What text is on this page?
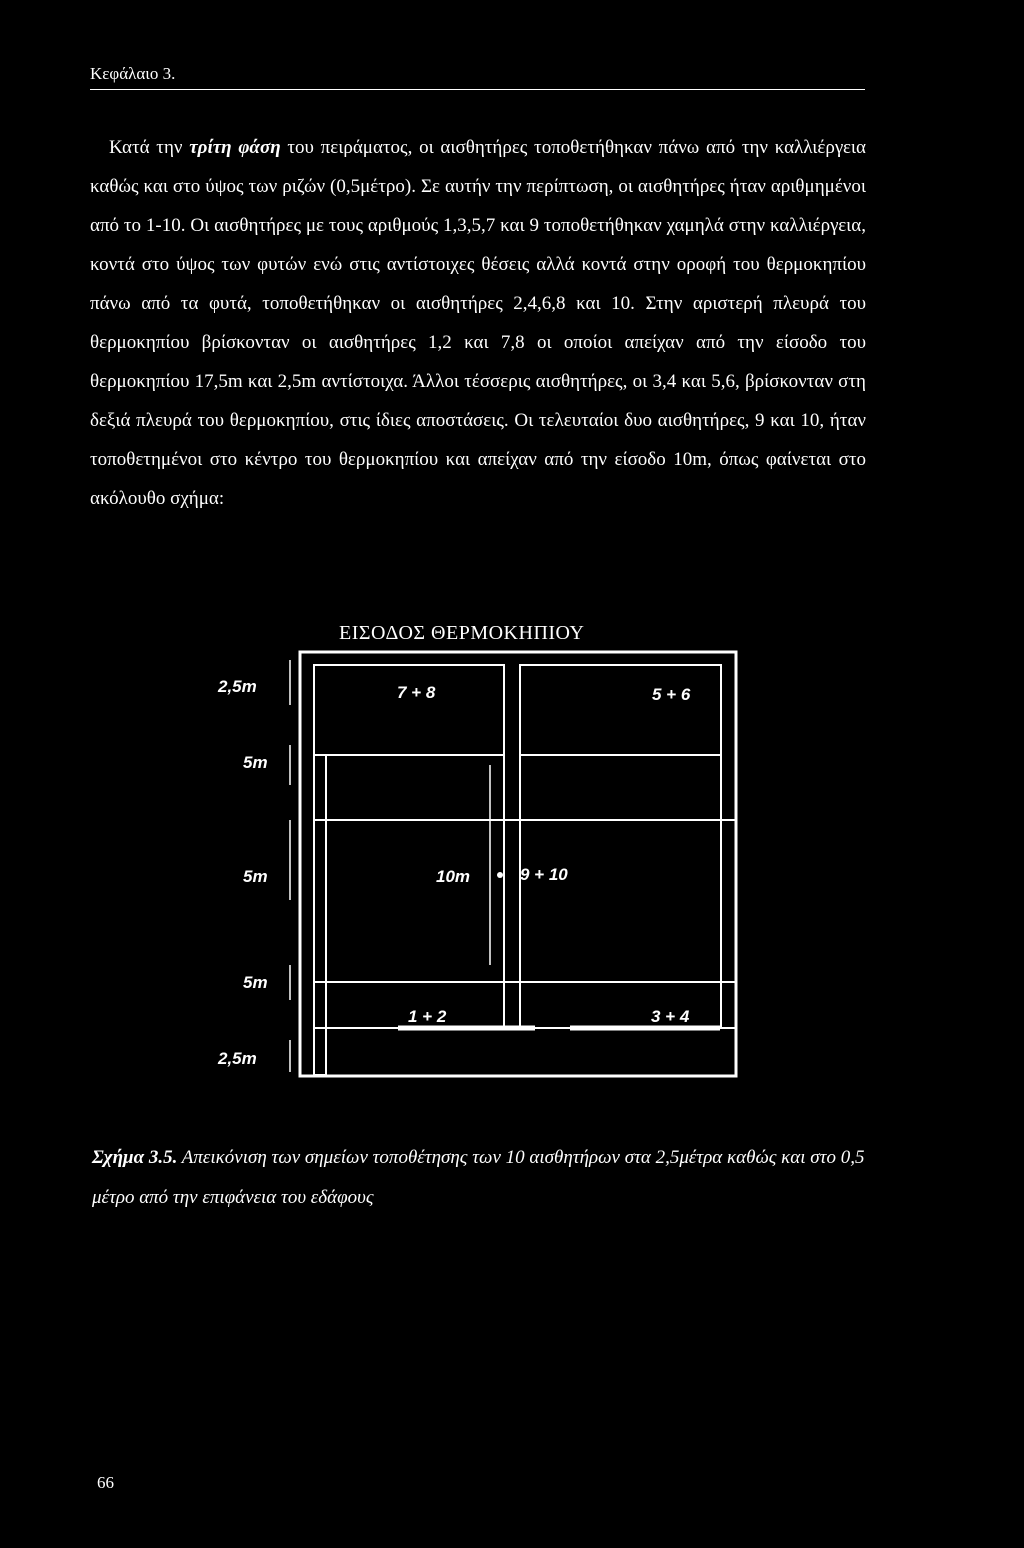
Κεφάλαιο 3.

Κατά την τρίτη φάση του πειράματος, οι αισθητήρες τοποθετήθηκαν πάνω από την καλλιέργεια καθώς και στο ύψος των ριζών (0,5μέτρο). Σε αυτήν την περίπτωση, οι αισθητήρες ήταν αριθμημένοι από το 1-10. Οι αισθητήρες με τους αριθμούς 1,3,5,7 και 9 τοποθετήθηκαν χαμηλά στην καλλιέργεια, κοντά στο ύψος των φυτών ενώ στις αντίστοιχες θέσεις αλλά κοντά στην οροφή του θερμοκηπίου πάνω από τα φυτά, τοποθετήθηκαν οι αισθητήρες 2,4,6,8 και 10. Στην αριστερή πλευρά του θερμοκηπίου βρίσκονταν οι αισθητήρες 1,2 και 7,8 οι οποίοι απείχαν από την είσοδο του θερμοκηπίου 17,5m και 2,5m αντίστοιχα. Άλλοι τέσσερις αισθητήρες, οι 3,4 και 5,6, βρίσκονταν στη δεξιά πλευρά του θερμοκηπίου, στις ίδιες αποστάσεις. Οι τελευταίοι δυο αισθητήρες, 9 και 10, ήταν τοποθετημένοι στο κέντρο του θερμοκηπίου και απείχαν από την είσοδο 10m, όπως φαίνεται στο ακόλουθο σχήμα:

ΕΙΣΟΔΟΣ ΘΕΡΜΟΚΗΠΙΟΥ
2,5m
5m
5m
5m
2,5m
7 + 8	5 + 6
10m	9 + 10
1 + 2	3 + 4
Σχήμα 3.5. Απεικόνιση των σημείων τοποθέτησης των 10 αισθητήρων στα 2,5μέτρα καθώς και στο 0,5 μέτρο από την επιφάνεια του εδάφους
66
